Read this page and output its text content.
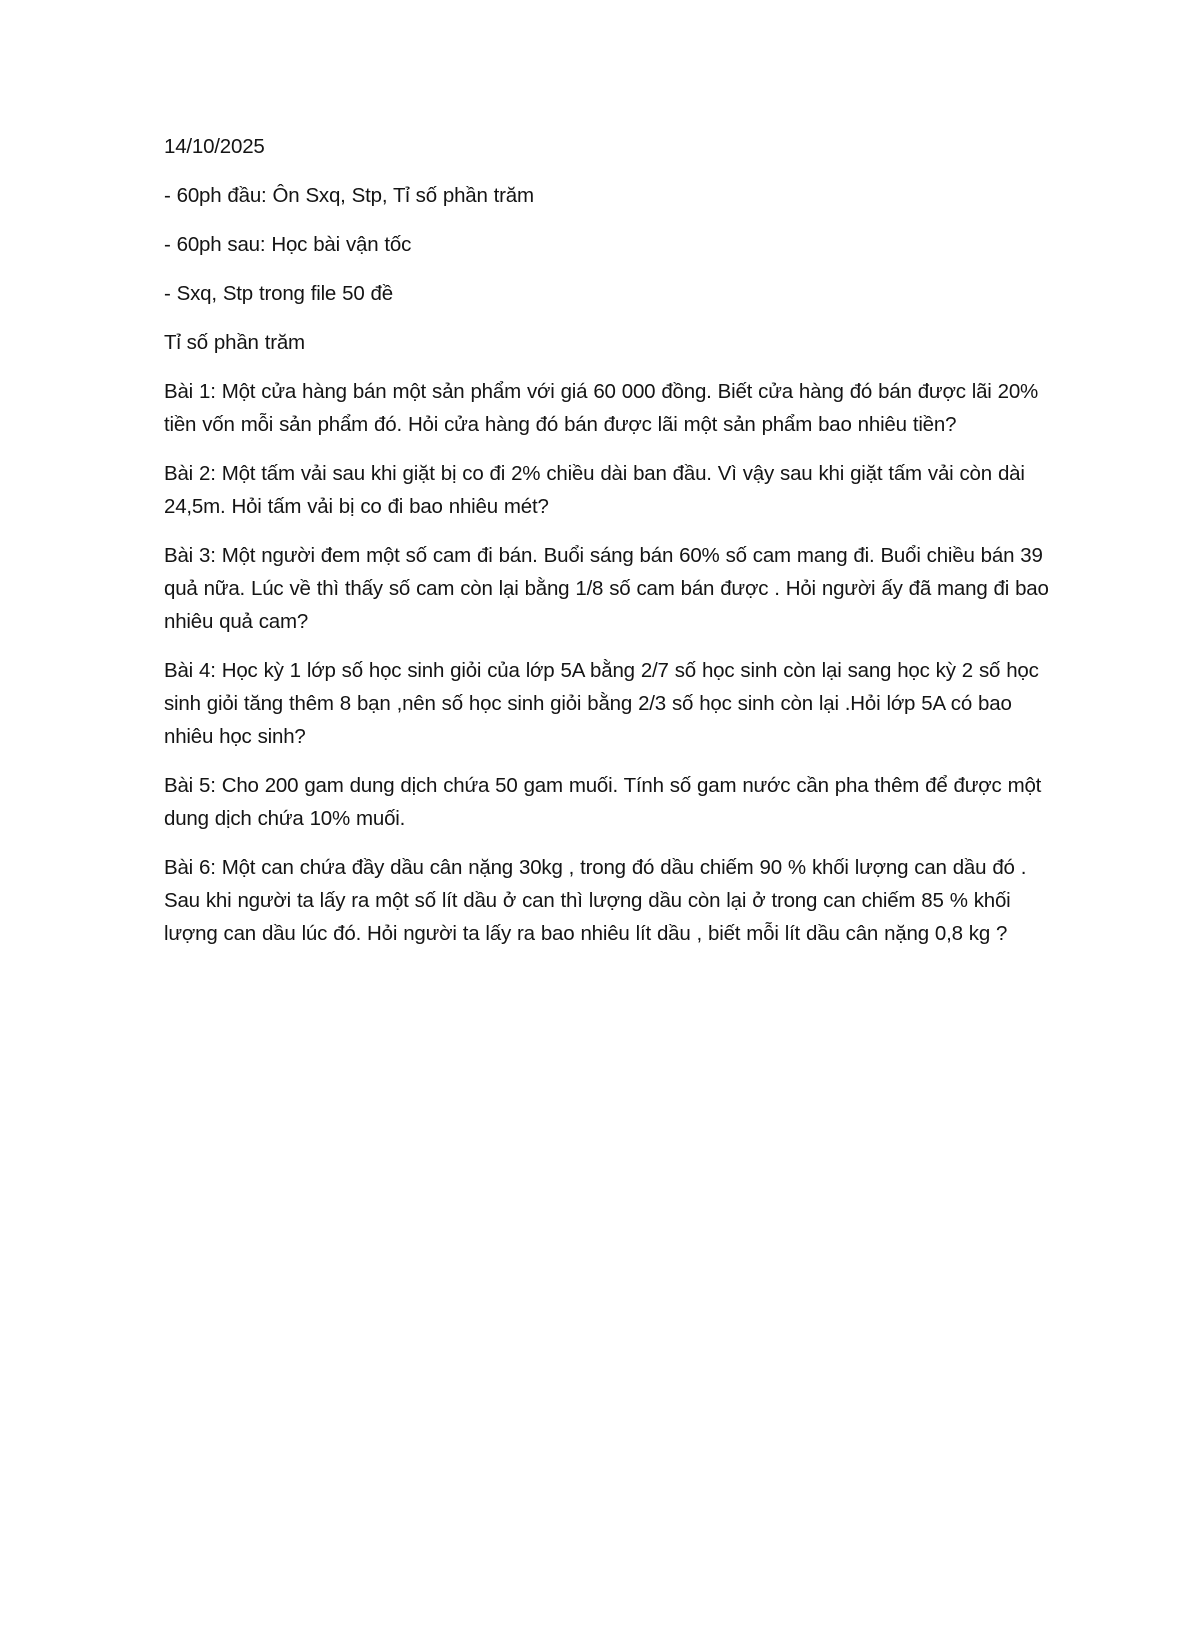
14/10/2025

- 60ph đầu: Ôn Sxq, Stp, Tỉ số phần trăm

- 60ph sau: Học bài vận tốc

- Sxq, Stp trong file 50 đề

Tỉ số phần trăm

Bài 1: Một cửa hàng bán một sản phẩm với giá 60 000 đồng. Biết cửa hàng đó bán được lãi 20% tiền vốn mỗi sản phẩm đó. Hỏi cửa hàng đó bán được lãi một sản phẩm bao nhiêu tiền?

Bài 2: Một tấm vải sau khi giặt bị co đi 2% chiều dài ban đầu. Vì vậy sau khi giặt tấm vải còn dài 24,5m. Hỏi tấm vải bị co đi bao nhiêu mét?

Bài 3: Một người đem một số cam đi bán. Buổi sáng bán 60% số cam mang đi. Buổi chiều bán 39 quả nữa. Lúc về thì thấy số cam còn lại bằng 1/8 số cam bán được . Hỏi người ấy đã mang đi bao nhiêu quả cam?

Bài 4: Học kỳ 1 lớp số học sinh giỏi của lớp 5A bằng 2/7 số học sinh còn lại sang học kỳ 2 số học sinh giỏi tăng thêm 8 bạn ,nên số học sinh giỏi bằng 2/3 số học sinh còn lại .Hỏi lớp 5A có bao nhiêu học sinh?

Bài 5: Cho 200 gam dung dịch chứa 50 gam muối. Tính số gam nước cần pha thêm để được một dung dịch chứa 10% muối.

Bài 6: Một can chứa đầy dầu cân nặng 30kg , trong đó dầu chiếm 90 % khối lượng can dầu đó . Sau khi người ta lấy ra một số lít dầu ở can thì lượng dầu còn lại ở trong can chiếm 85 % khối lượng can dầu lúc đó. Hỏi người ta lấy ra bao nhiêu lít dầu , biết mỗi lít dầu cân nặng 0,8 kg ?
